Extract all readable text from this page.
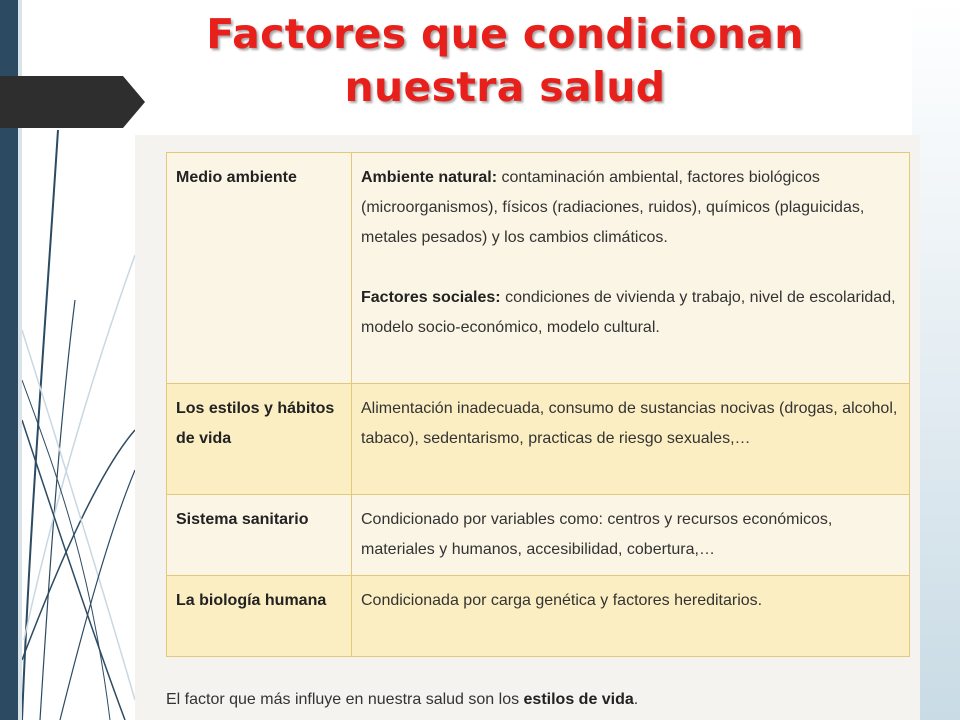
Factores que condicionan nuestra salud
Medio ambiente	Ambiente natural: contaminación ambiental, factores biológicos (microorganismos), físicos (radiaciones, ruidos), químicos (plaguicidas, metales pesados) y los cambios climáticos.
Factores sociales: condiciones de vivienda y trabajo, nivel de escolaridad, modelo socio-económico, modelo cultural.

Los estilos y hábitos de vida	Alimentación inadecuada, consumo de sustancias nocivas (drogas, alcohol, tabaco), sedentarismo, practicas de riesgo sexuales,…
Sistema sanitario	Condicionado por variables como: centros y recursos económicos, materiales y humanos, accesibilidad, cobertura,…
La biología humana	Condicionada por carga genética y factores hereditarios.
El factor que más influye en nuestra salud son los estilos de vida.
